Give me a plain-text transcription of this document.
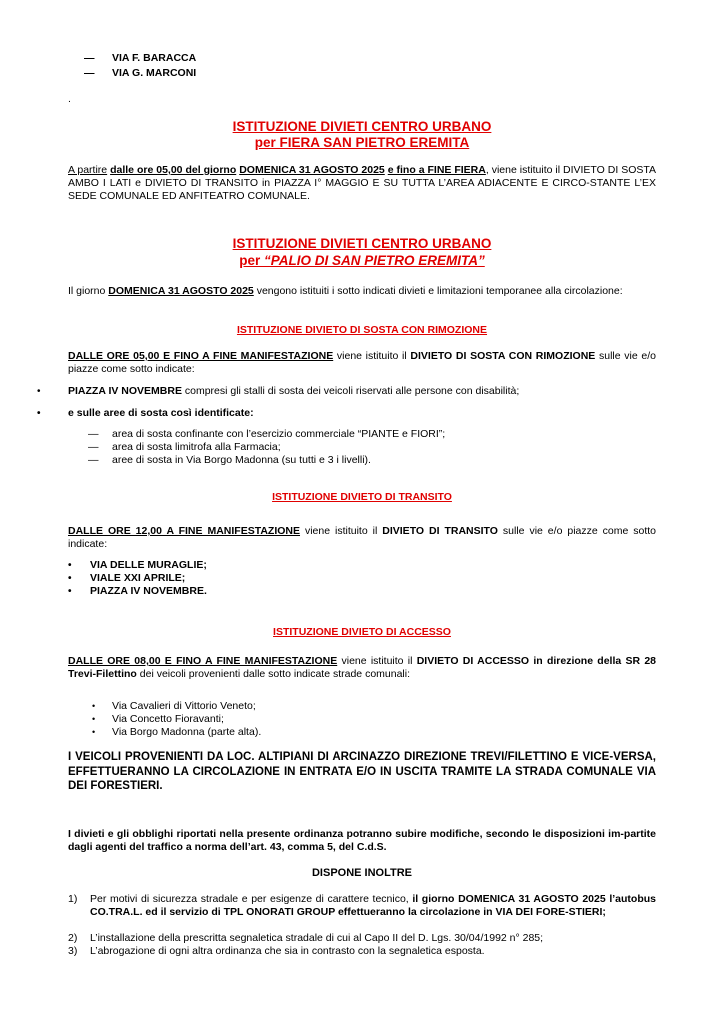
— VIA F. BARACCA
— VIA G. MARCONI
.
ISTITUZIONE DIVIETI CENTRO URBANO
per FIERA SAN PIETRO EREMITA
A partire dalle ore 05,00 del giorno DOMENICA 31 AGOSTO 2025 e fino a FINE FIERA, viene istituito il DIVIETO DI SOSTA AMBO I LATI e DIVIETO DI TRANSITO in PIAZZA I° MAGGIO E SU TUTTA L’AREA ADIACENTE E CIRCO-STANTE L’EX SEDE COMUNALE ED ANFITEATRO COMUNALE.
ISTITUZIONE DIVIETI CENTRO URBANO
per “PALIO DI SAN PIETRO EREMITA”
Il giorno DOMENICA 31 AGOSTO 2025 vengono istituiti i sotto indicati divieti e limitazioni temporanee alla circolazione:
ISTITUZIONE DIVIETO DI SOSTA CON RIMOZIONE
DALLE ORE 05,00 E FINO A FINE MANIFESTAZIONE viene istituito il DIVIETO DI SOSTA CON RIMOZIONE sulle vie e/o piazze come sotto indicate:
•	PIAZZA IV NOVEMBRE compresi gli stalli di sosta dei veicoli riservati alle persone con disabilità;
•	e sulle aree di sosta così identificate:
— area di sosta confinante con l’esercizio commerciale “PIANTE e FIORI”;
— area di sosta limitrofa alla Farmacia;
— aree di sosta in Via Borgo Madonna (su tutti e 3 i livelli).
ISTITUZIONE DIVIETO DI TRANSITO
DALLE ORE 12,00 A FINE MANIFESTAZIONE viene istituito il DIVIETO DI TRANSITO sulle vie e/o piazze come sotto indicate:
• VIA DELLE MURAGLIE;
• VIALE XXI APRILE;
• PIAZZA IV NOVEMBRE.
ISTITUZIONE DIVIETO DI ACCESSO
DALLE ORE 08,00 E FINO A FINE MANIFESTAZIONE viene istituito il DIVIETO DI ACCESSO in direzione della SR 28 Trevi-Filettino dei veicoli provenienti dalle sotto indicate strade comunali:
• Via Cavalieri di Vittorio Veneto;
• Via Concetto Fioravanti;
• Via Borgo Madonna (parte alta).
I VEICOLI PROVENIENTI DA LOC. ALTIPIANI DI ARCINAZZO DIREZIONE TREVI/FILETTINO E VICE-VERSA, EFFETTUERANNO LA CIRCOLAZIONE IN ENTRATA E/O IN USCITA TRAMITE LA STRADA COMUNALE VIA DEI FORESTIERI.
I divieti e gli obblighi riportati nella presente ordinanza potranno subire modifiche, secondo le disposizioni im-partite dagli agenti del traffico a norma dell’art. 43, comma 5, del C.d.S.
DISPONE INOLTRE
1) Per motivi di sicurezza stradale e per esigenze di carattere tecnico, il giorno DOMENICA 31 AGOSTO 2025 l’autobus CO.TRA.L. ed il servizio di TPL ONORATI GROUP effettueranno la circolazione in VIA DEI FORE-STIERI;
2) L’installazione della prescritta segnaletica stradale di cui al Capo II del D. Lgs. 30/04/1992 n° 285;
3) L’abrogazione di ogni altra ordinanza che sia in contrasto con la segnaletica esposta.
